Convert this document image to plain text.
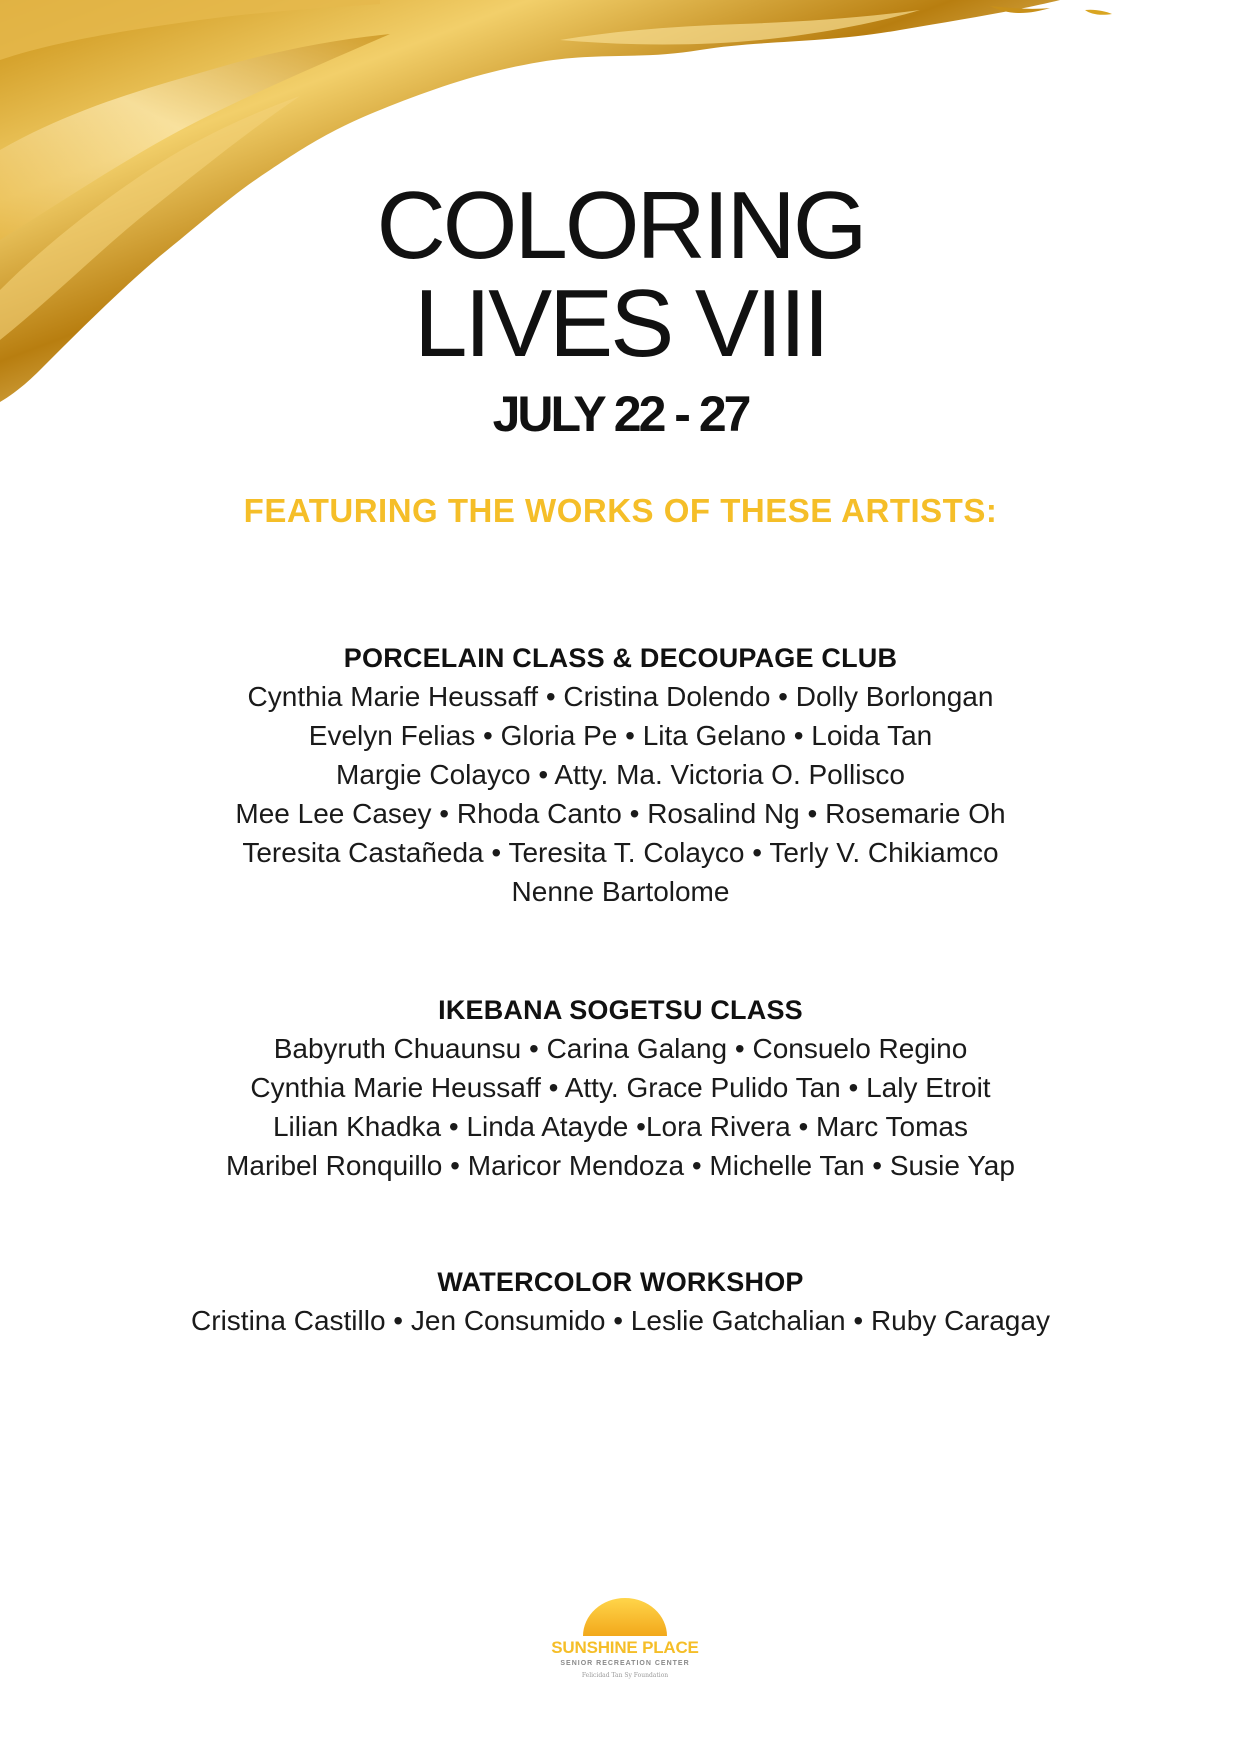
COLORING
LIVES VIII
JULY 22 - 27
FEATURING THE WORKS OF THESE ARTISTS:
PORCELAIN CLASS & DECOUPAGE CLUB
Cynthia Marie Heussaff • Cristina Dolendo • Dolly Borlongan
Evelyn Felias • Gloria Pe • Lita Gelano • Loida Tan
Margie Colayco • Atty. Ma. Victoria O. Pollisco
Mee Lee Casey • Rhoda Canto • Rosalind Ng • Rosemarie Oh
Teresita Castañeda • Teresita T. Colayco • Terly V. Chikiamco
Nenne Bartolome
IKEBANA SOGETSU CLASS
Babyruth Chuaunsu • Carina Galang • Consuelo Regino
Cynthia Marie Heussaff • Atty. Grace Pulido Tan • Laly Etroit
Lilian Khadka • Linda Atayde •Lora Rivera • Marc Tomas
Maribel Ronquillo • Maricor Mendoza • Michelle Tan • Susie Yap
WATERCOLOR WORKSHOP
Cristina Castillo • Jen Consumido • Leslie Gatchalian • Ruby Caragay
SUNSHINE PLACE
SENIOR RECREATION CENTER
Felicidad Tan Sy Foundation
